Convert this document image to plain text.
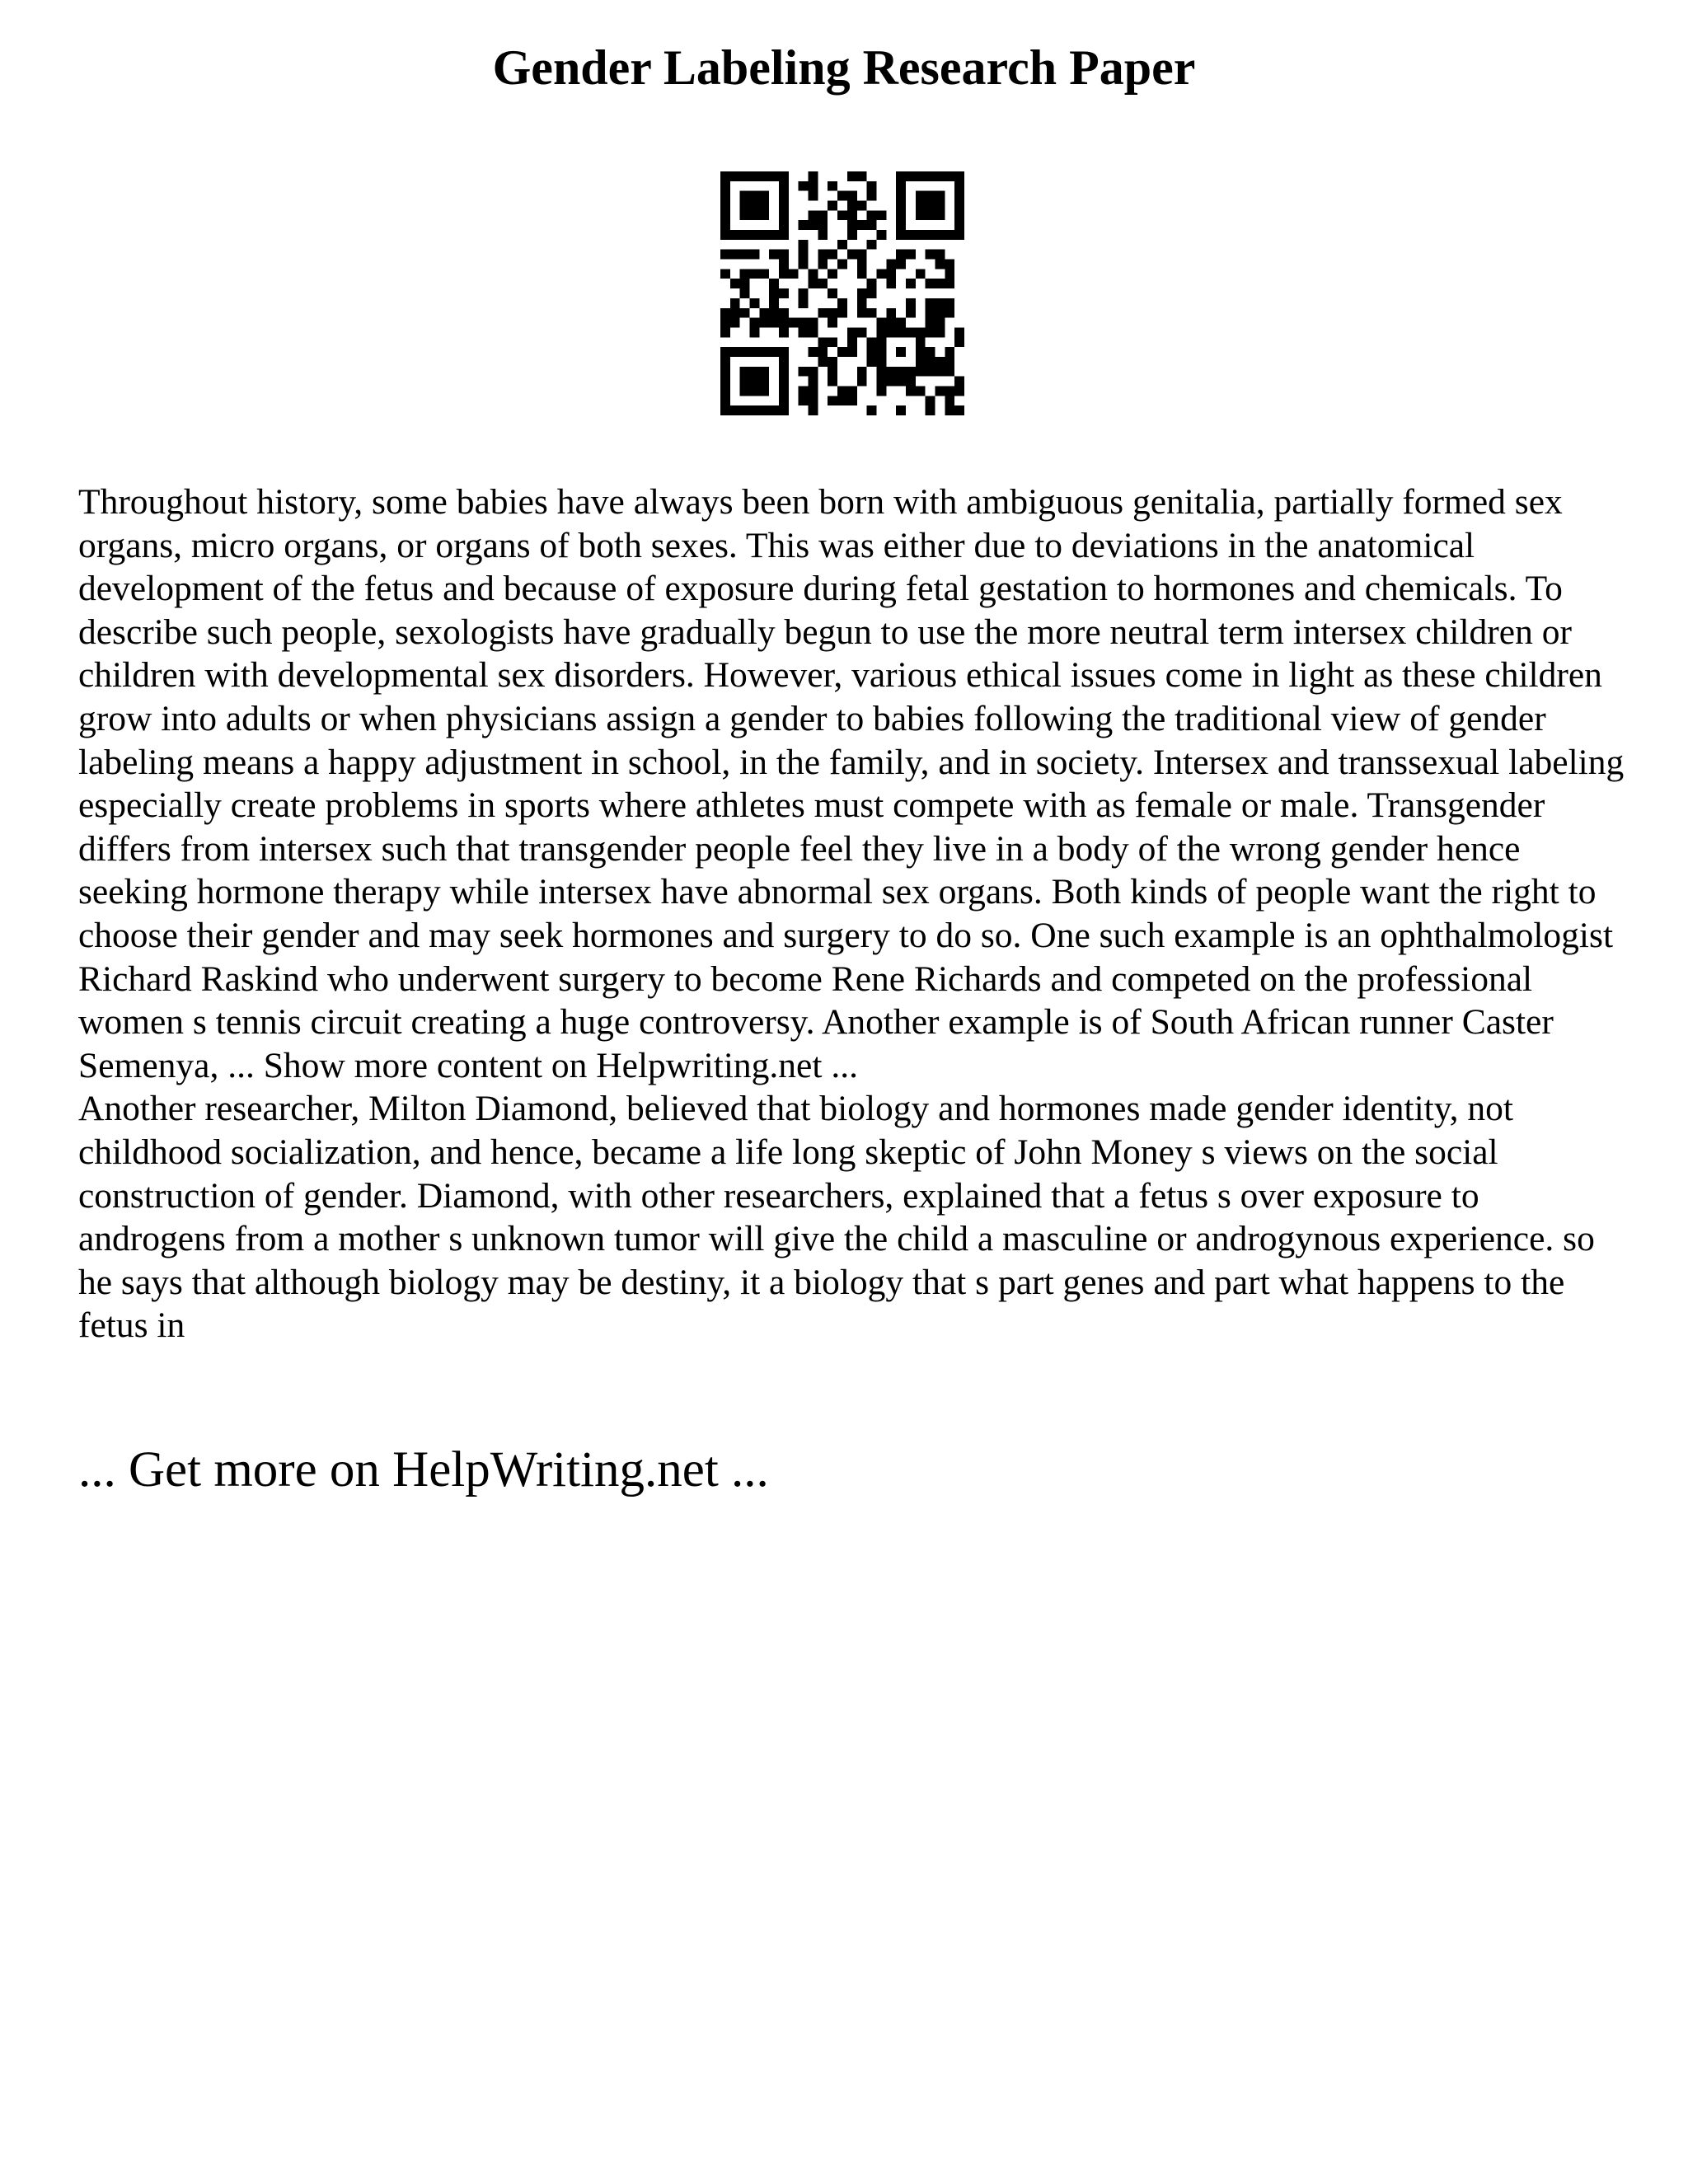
Gender Labeling Research Paper

Throughout history, some babies have always been born with ambiguous genitalia, partially formed sex organs, micro organs, or organs of both sexes. This was either due to deviations in the anatomical development of the fetus and because of exposure during fetal gestation to hormones and chemicals. To describe such people, sexologists have gradually begun to use the more neutral term intersex children or children with developmental sex disorders. However, various ethical issues come in light as these children grow into adults or when physicians assign a gender to babies following the traditional view of gender labeling means a happy adjustment in school, in the family, and in society. Intersex and transsexual labeling especially create problems in sports where athletes must compete with as female or male. Transgender differs from intersex such that transgender people feel they live in a body of the wrong gender hence seeking hormone therapy while intersex have abnormal sex organs. Both kinds of people want the right to choose their gender and may seek hormones and surgery to do so. One such example is an ophthalmologist Richard Raskind who underwent surgery to become Rene Richards and competed on the professional women s tennis circuit creating a huge controversy. Another example is of South African runner Caster Semenya, ... Show more content on Helpwriting.net ...

Another researcher, Milton Diamond, believed that biology and hormones made gender identity, not childhood socialization, and hence, became a life long skeptic of John Money s views on the social construction of gender. Diamond, with other researchers, explained that a fetus s over exposure to androgens from a mother s unknown tumor will give the child a masculine or androgynous experience. so he says that although biology may be destiny, it a biology that s part genes and part what happens to the fetus in

... Get more on HelpWriting.net ...
